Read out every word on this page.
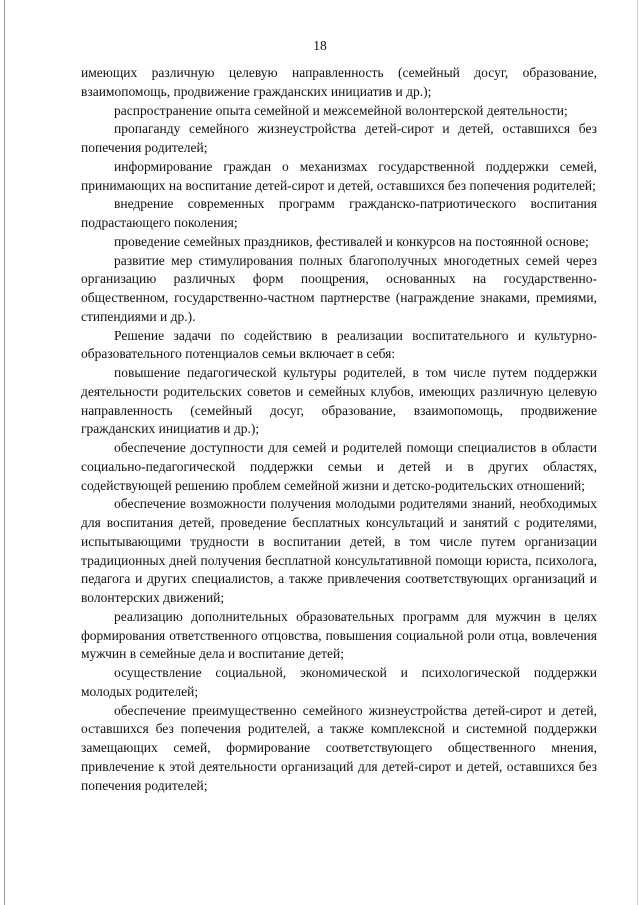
18

имеющих различную целевую направленность (семейный досуг, образование, взаимопомощь, продвижение гражданских инициатив и др.);

распространение опыта семейной и межсемейной волонтерской деятельности;

пропаганду семейного жизнеустройства детей-сирот и детей, оставшихся без попечения родителей;

информирование граждан о механизмах государственной поддержки семей, принимающих на воспитание детей-сирот и детей, оставшихся без попечения родителей;

внедрение современных программ гражданско-патриотического воспитания подрастающего поколения;

проведение семейных праздников, фестивалей и конкурсов на постоянной основе;

развитие мер стимулирования полных благополучных многодетных семей через организацию различных форм поощрения, основанных на государственно-общественном, государственно-частном партнерстве (награждение знаками, премиями, стипендиями и др.).

Решение задачи по содействию в реализации воспитательного и культурно-образовательного потенциалов семьи включает в себя:

повышение педагогической культуры родителей, в том числе путем поддержки деятельности родительских советов и семейных клубов, имеющих различную целевую направленность (семейный досуг, образование, взаимопомощь, продвижение гражданских инициатив и др.);

обеспечение доступности для семей и родителей помощи специалистов в области социально-педагогической поддержки семьи и детей и в других областях, содействующей решению проблем семейной жизни и детско-родительских отношений;

обеспечение возможности получения молодыми родителями знаний, необходимых для воспитания детей, проведение бесплатных консультаций и занятий с родителями, испытывающими трудности в воспитании детей, в том числе путем организации традиционных дней получения бесплатной консультативной помощи юриста, психолога, педагога и других специалистов, а также привлечения соответствующих организаций и волонтерских движений;

реализацию дополнительных образовательных программ для мужчин в целях формирования ответственного отцовства, повышения социальной роли отца, вовлечения мужчин в семейные дела и воспитание детей;

осуществление социальной, экономической и психологической поддержки молодых родителей;

обеспечение преимущественно семейного жизнеустройства детей-сирот и детей, оставшихся без попечения родителей, а также комплексной и системной поддержки замещающих семей, формирование соответствующего общественного мнения, привлечение к этой деятельности организаций для детей-сирот и детей, оставшихся без попечения родителей;
